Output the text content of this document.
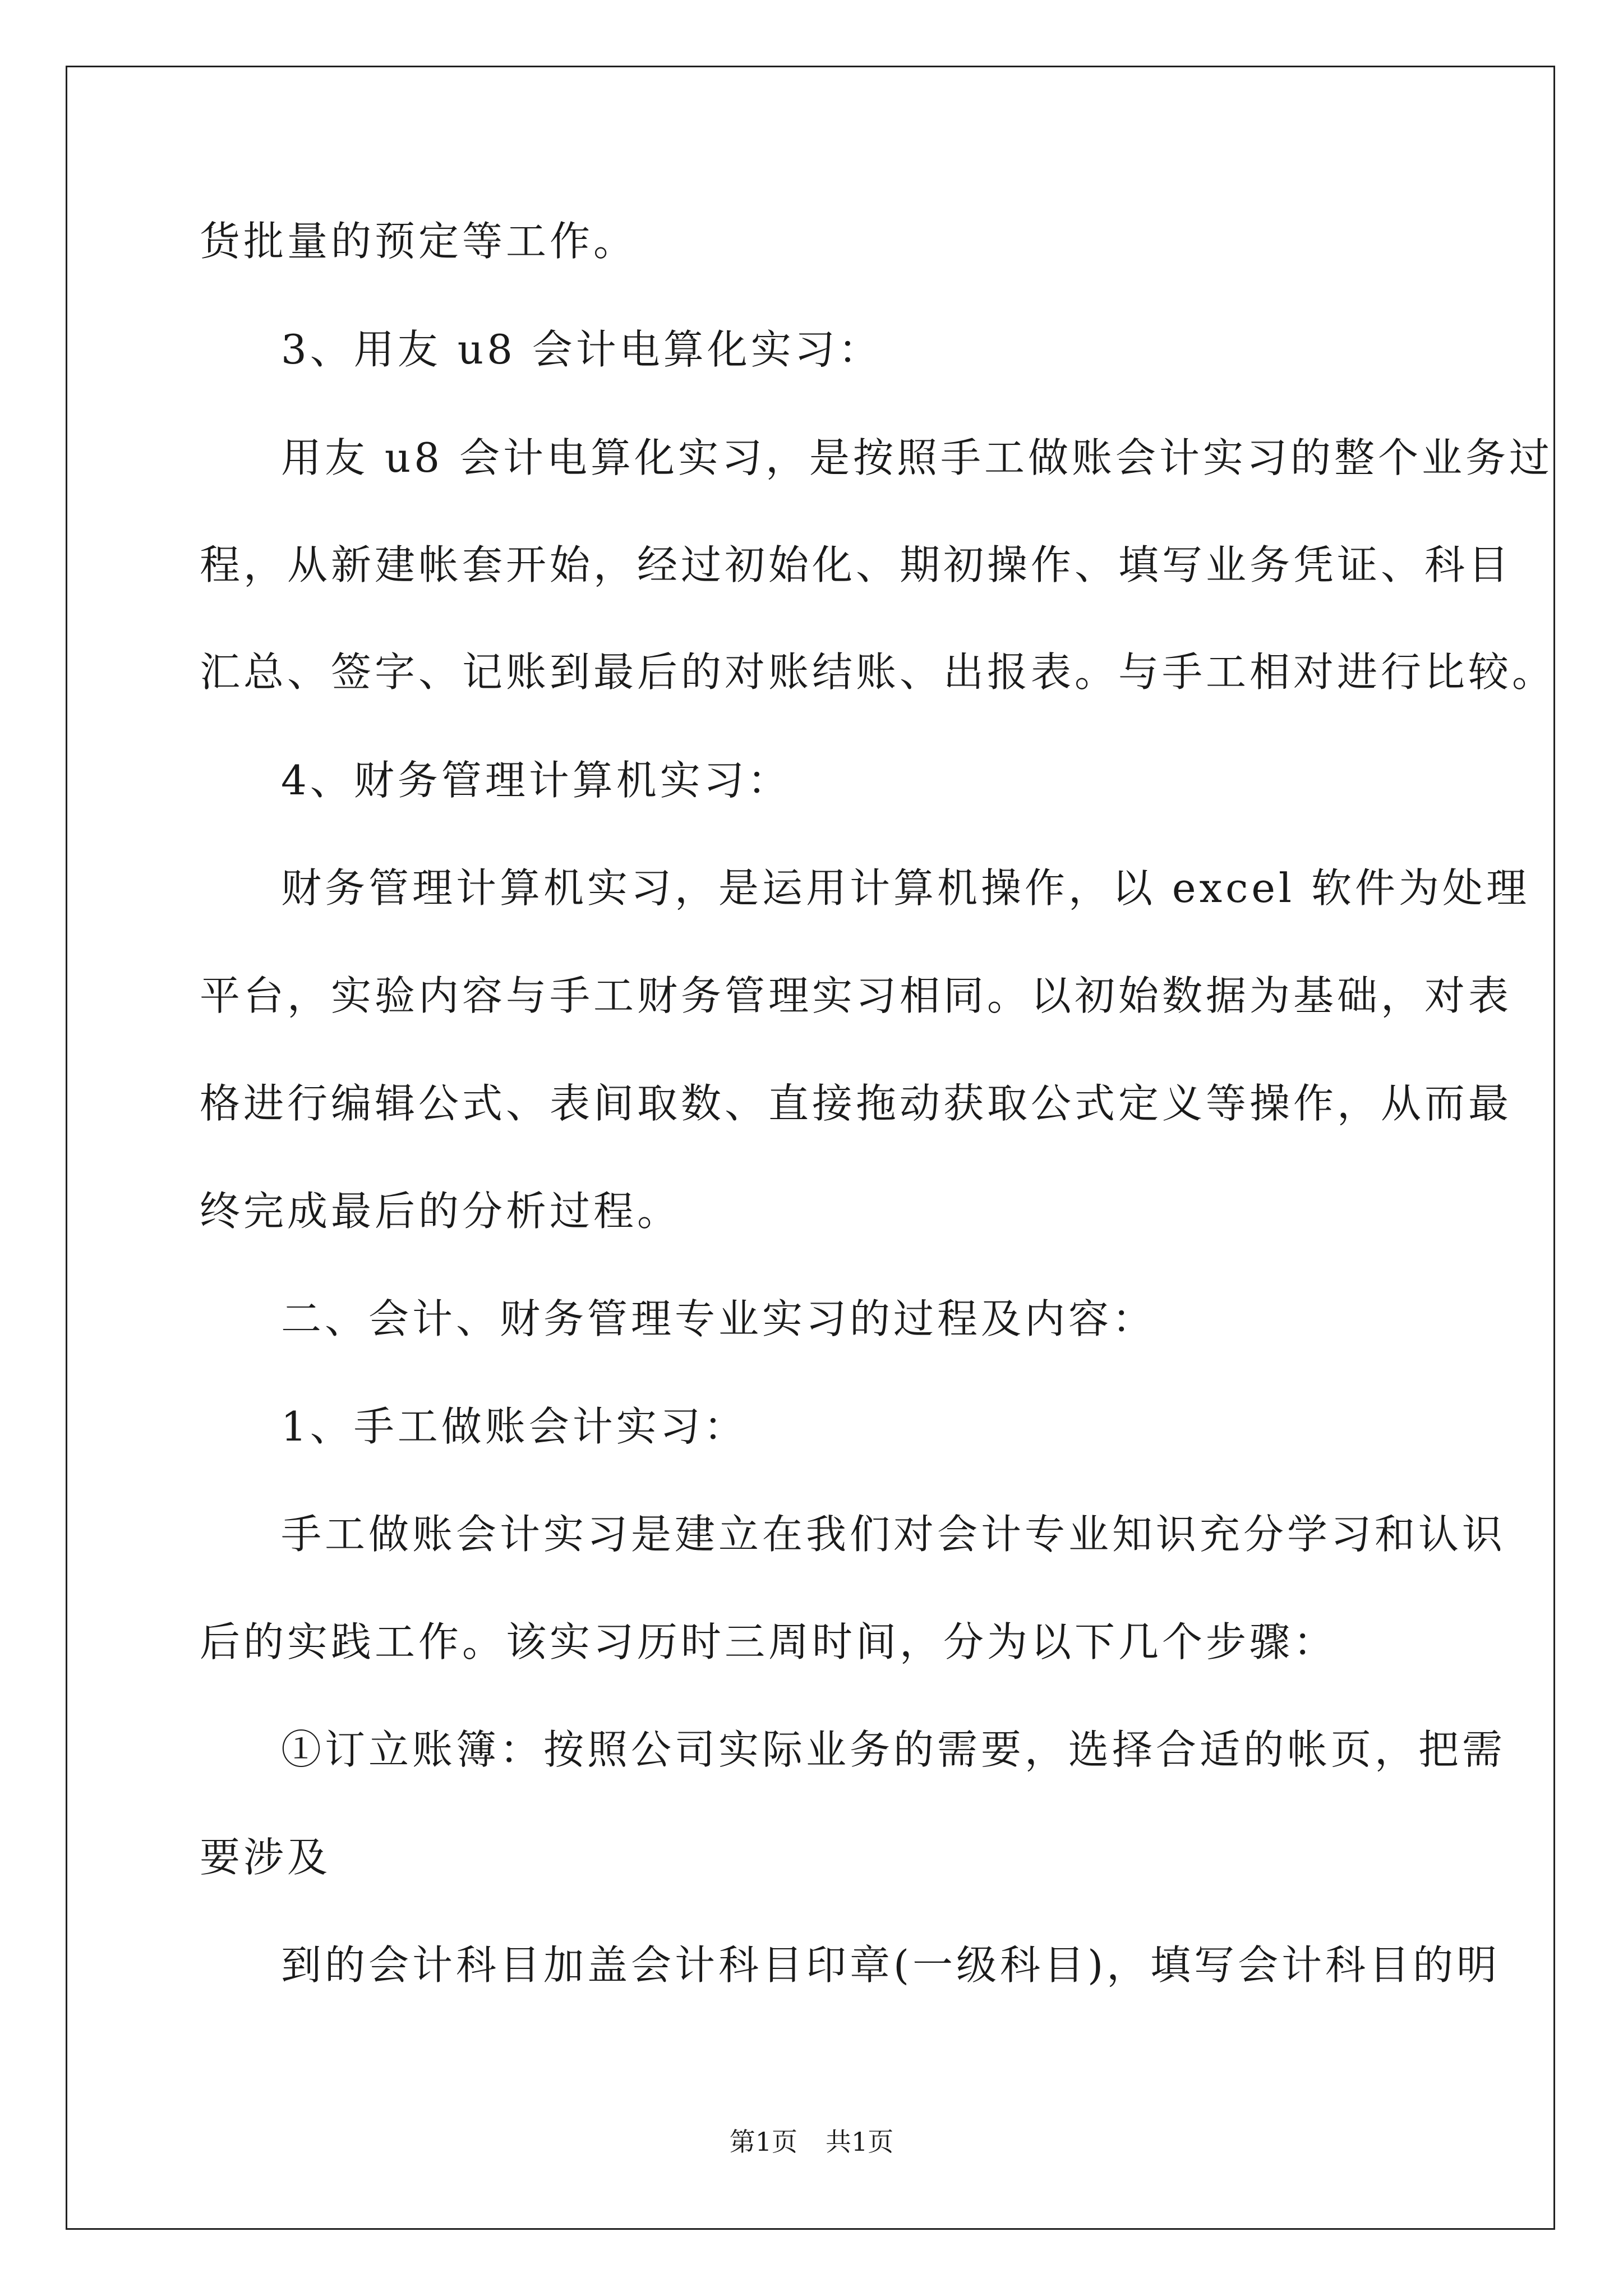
货批量的预定等工作。
3、用友 u8 会计电算化实习：
用友 u8 会计电算化实习，是按照手工做账会计实习的整个业务过
程，从新建帐套开始，经过初始化、期初操作、填写业务凭证、科目
汇总、签字、记账到最后的对账结账、出报表。与手工相对进行比较。
4、财务管理计算机实习：
财务管理计算机实习，是运用计算机操作，以 excel 软件为处理
平台，实验内容与手工财务管理实习相同。以初始数据为基础，对表
格进行编辑公式、表间取数、直接拖动获取公式定义等操作，从而最
终完成最后的分析过程。
二、会计、财务管理专业实习的过程及内容：
1、手工做账会计实习：
手工做账会计实习是建立在我们对会计专业知识充分学习和认识
后的实践工作。该实习历时三周时间，分为以下几个步骤：
①订立账簿：按照公司实际业务的需要，选择合适的帐页，把需
要涉及
到的会计科目加盖会计科目印章(一级科目)，填写会计科目的明
第1页 共1页
